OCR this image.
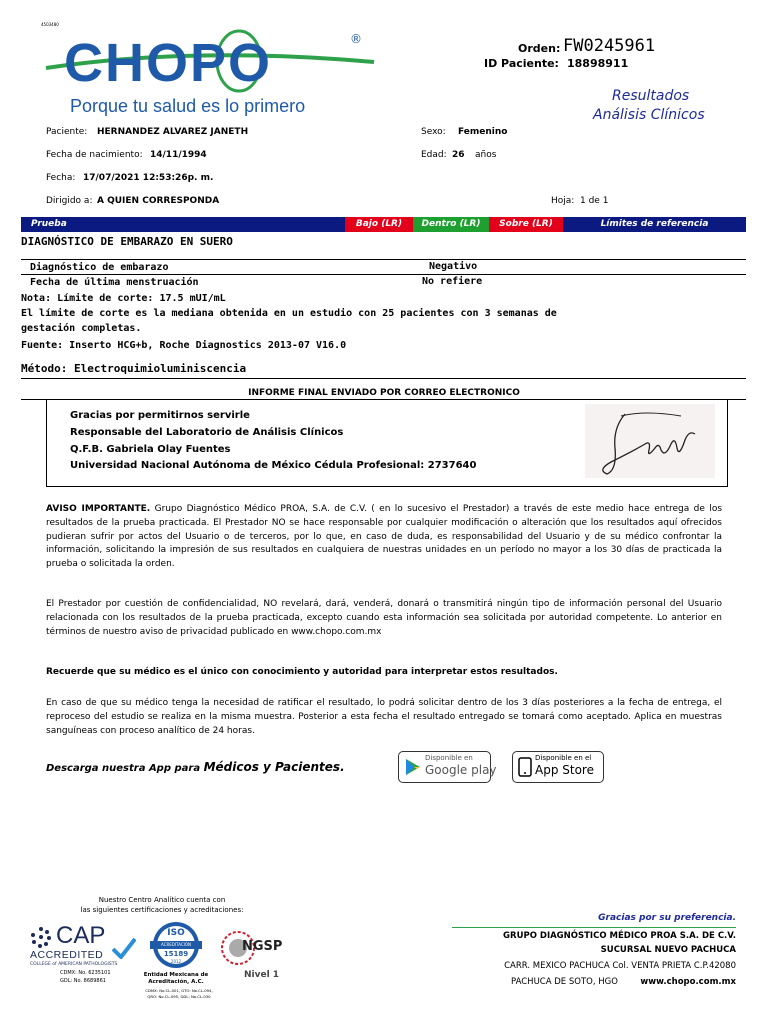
4503480
CHOPO	®
Porque tu salud es lo primero
Orden: FW0245961
ID Paciente: 18898911
Resultados
Análisis Clínicos
Paciente: HERNANDEZ ALVAREZ JANETH	Sexo: Femenino
Fecha de nacimiento: 14/11/1994	Edad: 26 años
Fecha: 17/07/2021 12:53:26p. m.
Dirigido a: A QUIEN CORRESPONDA	Hoja: 1 de 1
Prueba	Bajo (LR)	Dentro (LR)	Sobre (LR)	Límites de referencia
DIAGNÓSTICO DE EMBARAZO EN SUERO
Diagnóstico de embarazo	Negativo
Fecha de última menstruación	No refiere
Nota: Límite de corte: 17.5 mUI/mL
El límite de corte es la mediana obtenida en un estudio con 25 pacientes con 3 semanas de
gestación completas.
Fuente: Inserto HCG+b, Roche Diagnostics 2013-07 V16.0
Método: Electroquimioluminiscencia
INFORME FINAL ENVIADO POR CORREO ELECTRONICO
Gracias por permitirnos servirle
Responsable del Laboratorio de Análisis Clínicos
Q.F.B. Gabriela Olay Fuentes
Universidad Nacional Autónoma de México Cédula Profesional: 2737640
AVISO IMPORTANTE. Grupo Diagnóstico Médico PROA, S.A. de C.V. ( en lo sucesivo el Prestador) a través de este medio hace entrega de los resultados de la prueba practicada. El Prestador NO se hace responsable por cualquier modificación o alteración que los resultados aquí ofrecidos pudieran sufrir por actos del Usuario o de terceros, por lo que, en caso de duda, es responsabilidad del Usuario y de su médico confrontar la información, solicitando la impresión de sus resultados en cualquiera de nuestras unidades en un período no mayor a los 30 días de practicada la prueba o solicitada la orden.
El Prestador por cuestión de confidencialidad, NO revelará, dará, venderá, donará o transmitirá ningún tipo de información personal del Usuario relacionada con los resultados de la prueba practicada, excepto cuando esta información sea solicitada por autoridad competente. Lo anterior en términos de nuestro aviso de privacidad publicado en www.chopo.com.mx
Recuerde que su médico es el único con conocimiento y autoridad para interpretar estos resultados.
En caso de que su médico tenga la necesidad de ratificar el resultado, lo podrá solicitar dentro de los 3 días posteriores a la fecha de entrega, el reproceso del estudio se realiza en la misma muestra. Posterior a esta fecha el resultado entregado se tomará como aceptado. Aplica en muestras sanguíneas con proceso analítico de 24 horas.
Descarga nuestra App para Médicos y Pacientes.
Disponible en
Google play
Disponible en el
App Store
Nuestro Centro Analítico cuenta con
las siguientes certificaciones y acreditaciones:
CAP
ACCREDITED
COLLEGE of AMERICAN PATHOLOGISTS
CDMX: No. 6235101
GDL: No. 8689861
ISO
ACREDITACIÓN
15189
2012
Entidad Mexicana de
Acreditación, A.C.
CDMX: No.CL-001, GTO: No.CL-094,
QRO: No.CL-095, GDL: No.CL-030
NGSP
Nivel 1
Gracias por su preferencia.
GRUPO DIAGNÓSTICO MÉDICO PROA S.A. DE C.V.
SUCURSAL NUEVO PACHUCA
CARR. MEXICO PACHUCA Col. VENTA PRIETA C.P.42080
PACHUCA DE SOTO, HGO	www.chopo.com.mx
